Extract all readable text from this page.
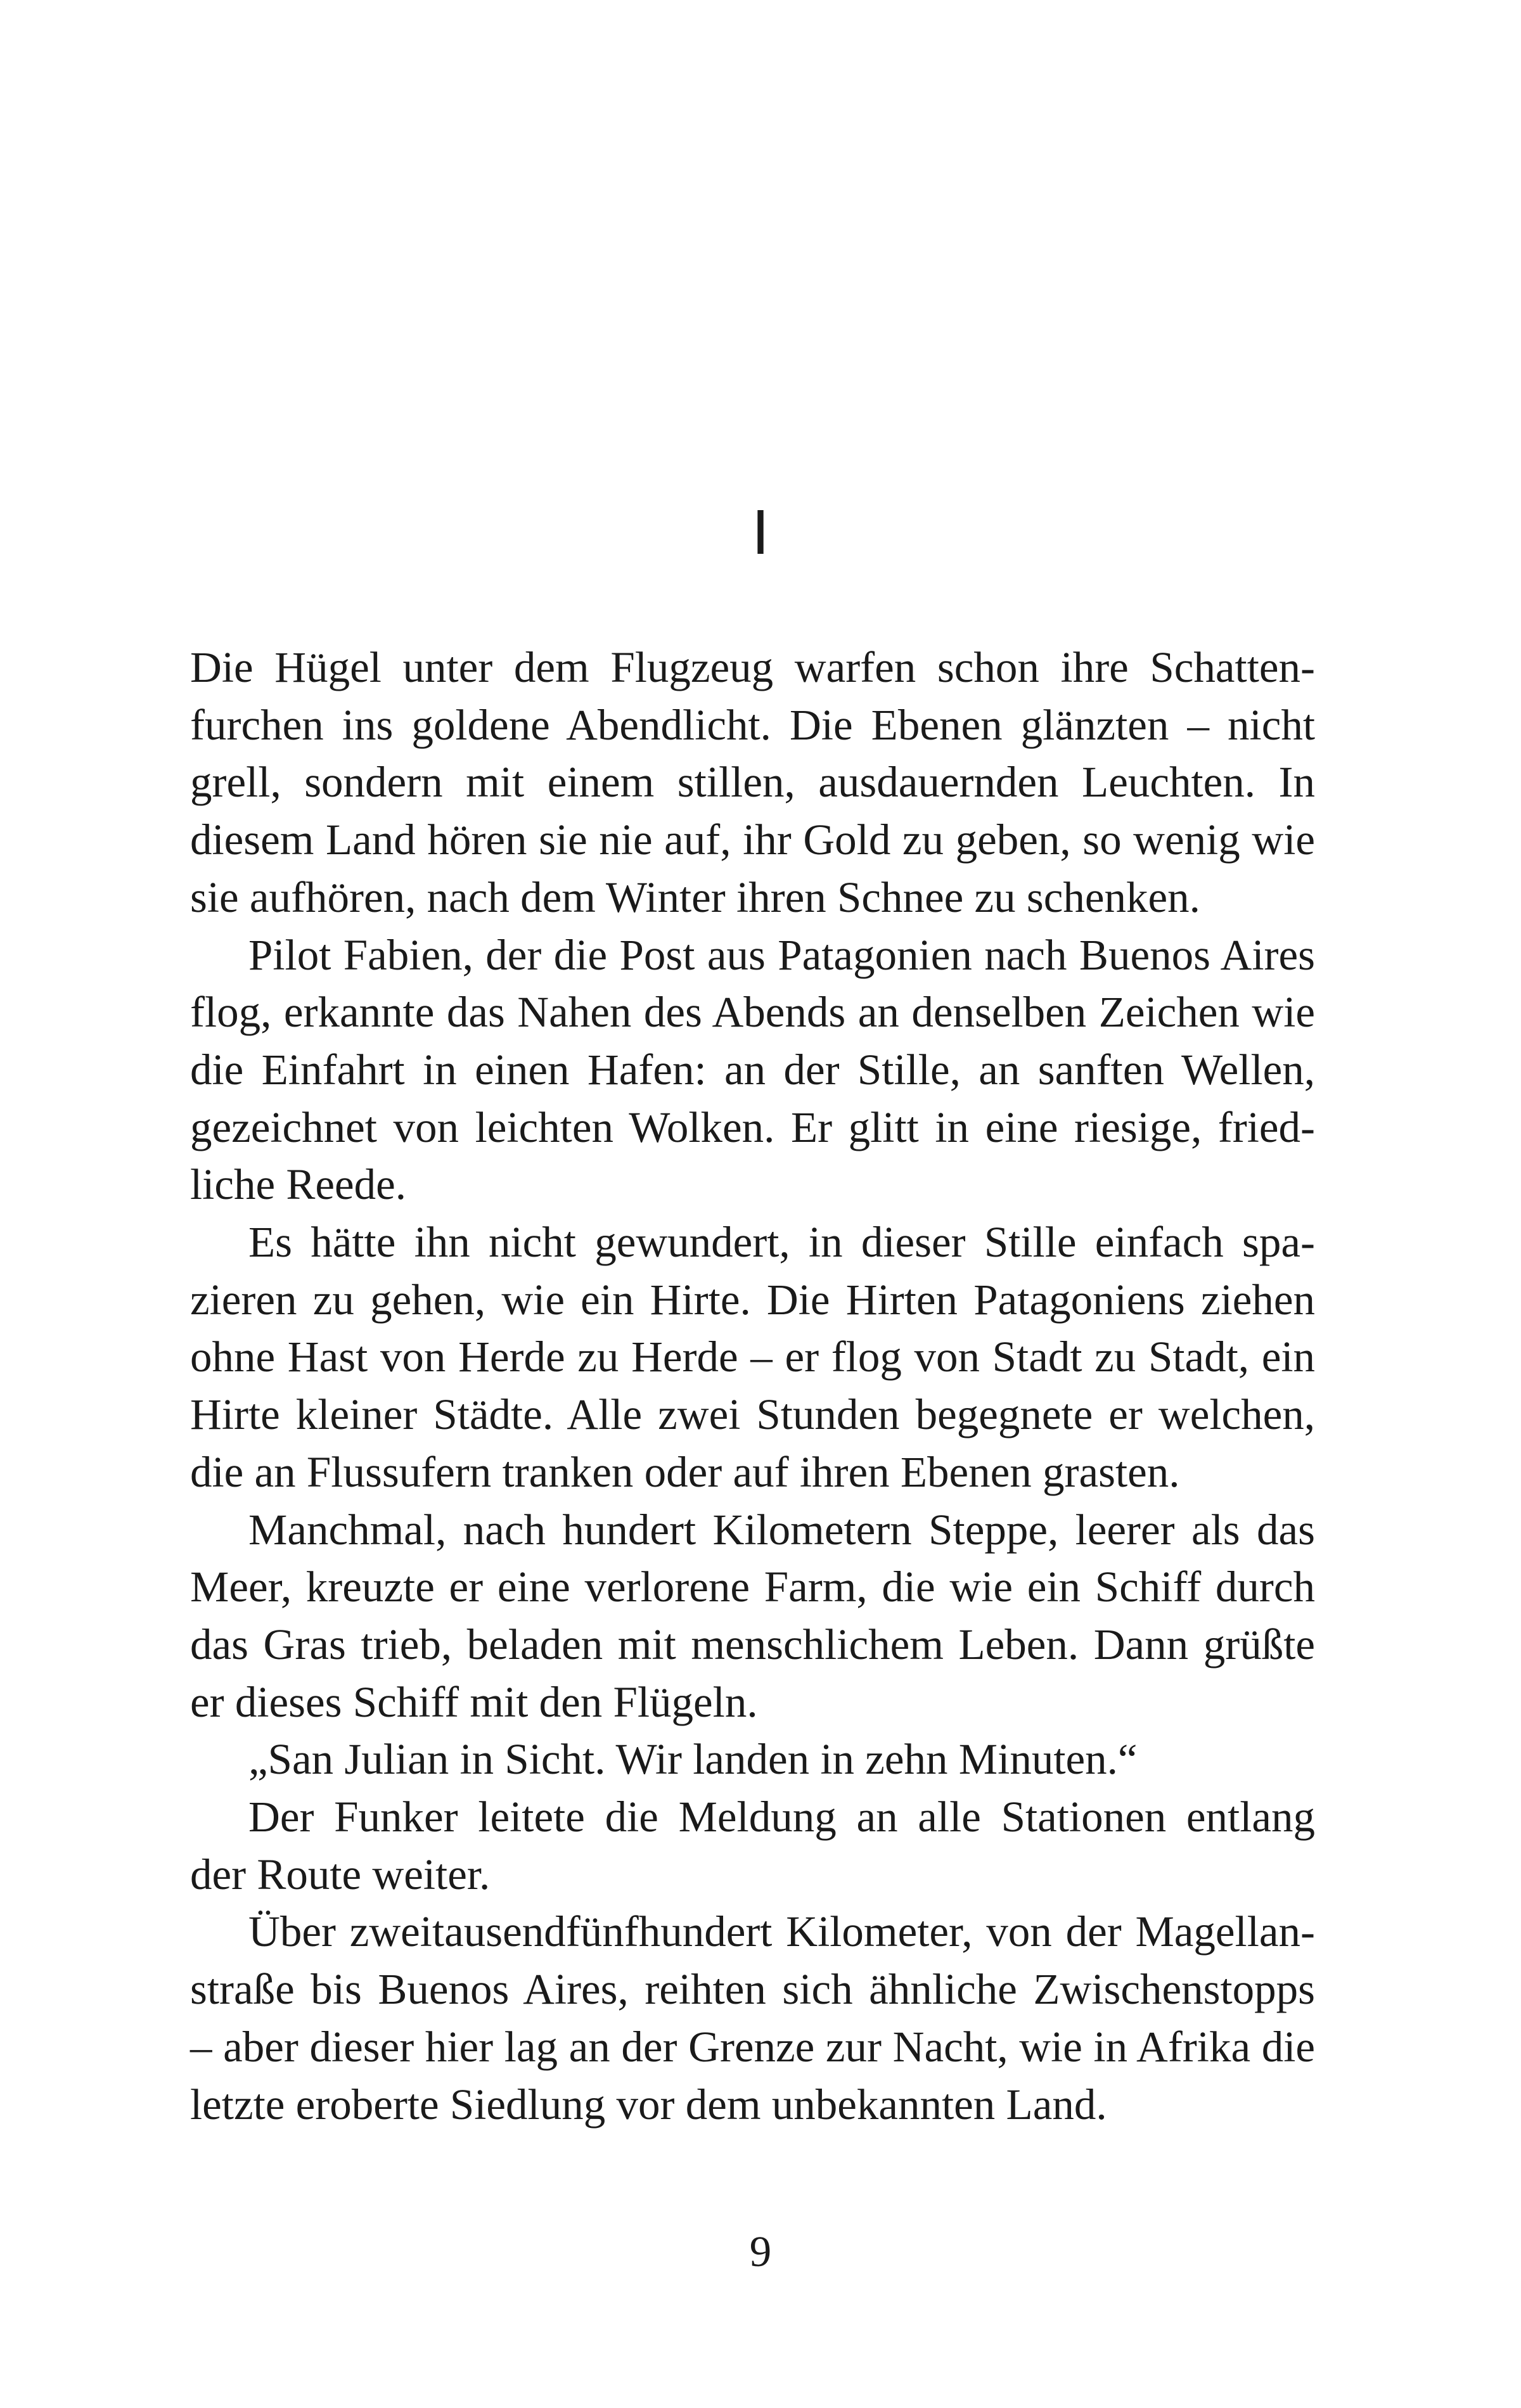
I
Die Hügel unter dem Flugzeug warfen schon ihre Schatten-
furchen ins goldene Abendlicht. Die Ebenen glänzten – nicht
grell, sondern mit einem stillen, ausdauernden Leuchten. In
diesem Land hören sie nie auf, ihr Gold zu geben, so wenig wie
sie aufhören, nach dem Winter ihren Schnee zu schenken.
Pilot Fabien, der die Post aus Patagonien nach Buenos Aires
flog, erkannte das Nahen des Abends an denselben Zeichen wie
die Einfahrt in einen Hafen: an der Stille, an sanften Wellen,
gezeichnet von leichten Wolken. Er glitt in eine riesige, fried-
liche Reede.
Es hätte ihn nicht gewundert, in dieser Stille einfach spa-
zieren zu gehen, wie ein Hirte. Die Hirten Patagoniens ziehen
ohne Hast von Herde zu Herde – er flog von Stadt zu Stadt, ein
Hirte kleiner Städte. Alle zwei Stunden begegnete er welchen,
die an Flussufern tranken oder auf ihren Ebenen grasten.
Manchmal, nach hundert Kilometern Steppe, leerer als das
Meer, kreuzte er eine verlorene Farm, die wie ein Schiff durch
das Gras trieb, beladen mit menschlichem Leben. Dann grüßte
er dieses Schiff mit den Flügeln.
„San Julian in Sicht. Wir landen in zehn Minuten.“
Der Funker leitete die Meldung an alle Stationen entlang
der Route weiter.
Über zweitausendfünfhundert Kilometer, von der Magellan-
straße bis Buenos Aires, reihten sich ähnliche Zwischenstopps
– aber dieser hier lag an der Grenze zur Nacht, wie in Afrika die
letzte eroberte Siedlung vor dem unbekannten Land.
9
